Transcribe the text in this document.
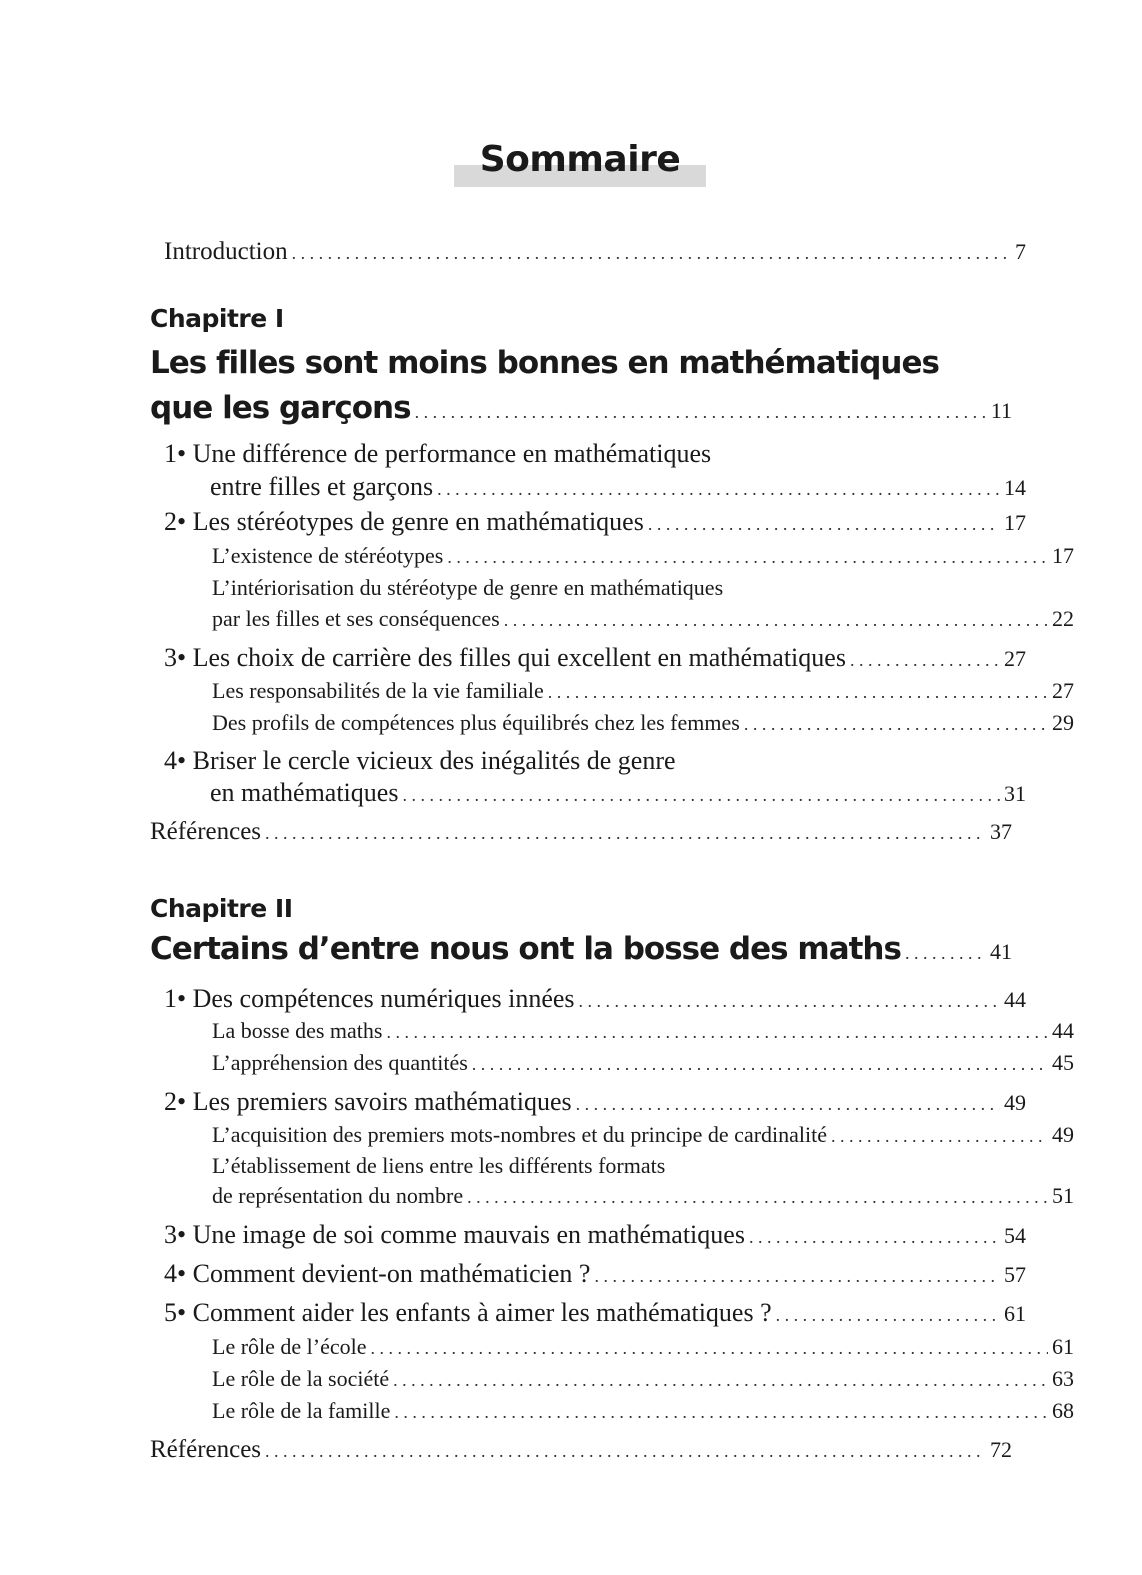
Sommaire
Introduction . . .	7
Chapitre I
Les filles sont moins bonnes en mathématiques
que les garçons . . .	11
1• Une différence de performance en mathématiques
entre filles et garçons . . .	14
2• Les stéréotypes de genre en mathématiques . . .	17
L’existence de stéréotypes . . .	17
L’intériorisation du stéréotype de genre en mathématiques
par les filles et ses conséquences . . .	22
3• Les choix de carrière des filles qui excellent en mathématiques . . .	27
Les responsabilités de la vie familiale . . .	27
Des profils de compétences plus équilibrés chez les femmes . . .	29
4• Briser le cercle vicieux des inégalités de genre
en mathématiques . . .	31
Références . . .	37
Chapitre II
Certains d’entre nous ont la bosse des maths . . .	41
1• Des compétences numériques innées . . .	44
La bosse des maths . . .	44
L’appréhension des quantités . . .	45
2• Les premiers savoirs mathématiques . . .	49
L’acquisition des premiers mots-nombres et du principe de cardinalité . . .	49
L’établissement de liens entre les différents formats
de représentation du nombre . . .	51
3• Une image de soi comme mauvais en mathématiques . . .	54
4• Comment devient-on mathématicien ? . . .	57
5• Comment aider les enfants à aimer les mathématiques ? . . .	61
Le rôle de l’école . . .	61
Le rôle de la société . . .	63
Le rôle de la famille . . .	68
Références . . .	72
